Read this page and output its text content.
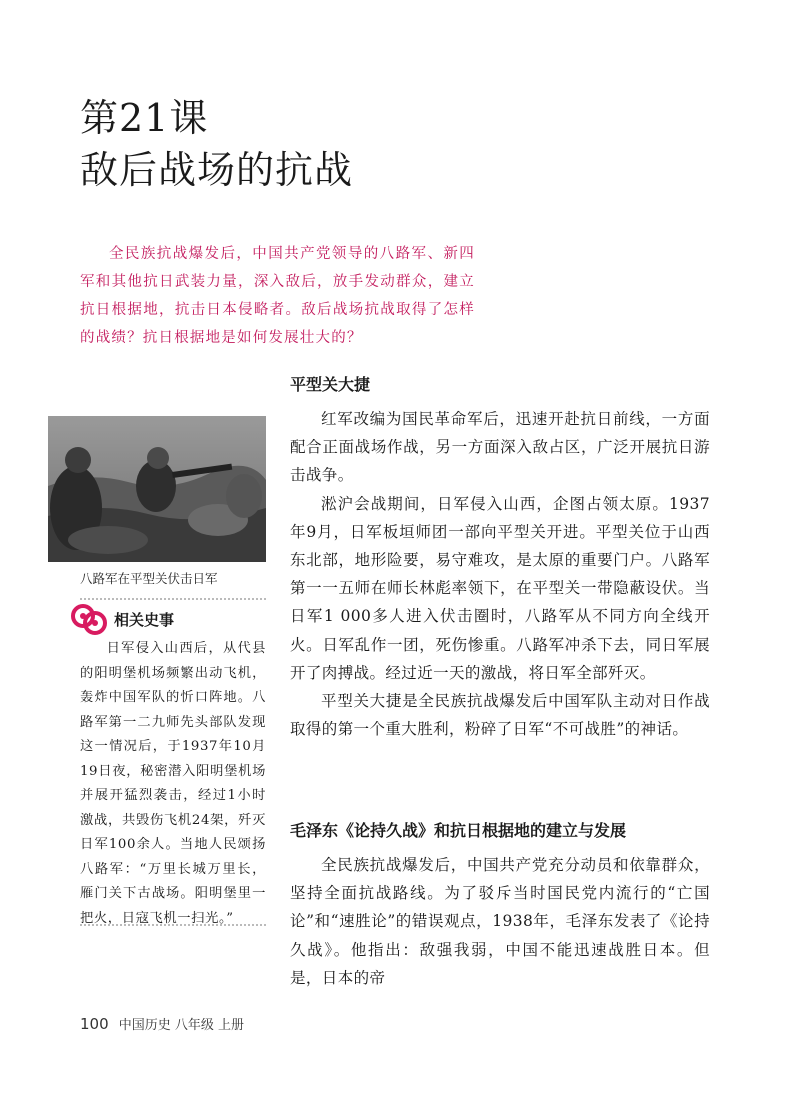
第21课
敌后战场的抗战

全民族抗战爆发后，中国共产党领导的八路军、新四军和其他抗日武装力量，深入敌后，放手发动群众，建立抗日根据地，抗击日本侵略者。敌后战场抗战取得了怎样的战绩？抗日根据地是如何发展壮大的？

八路军在平型关伏击日军
相关史事

日军侵入山西后，从代县的阳明堡机场频繁出动飞机，轰炸中国军队的忻口阵地。八路军第一二九师先头部队发现这一情况后，于1937年10月19日夜，秘密潜入阳明堡机场并展开猛烈袭击，经过1小时激战，共毁伤飞机24架，歼灭日军100余人。当地人民颂扬八路军：“万里长城万里长，雁门关下古战场。阳明堡里一把火，日寇飞机一扫光。”

平型关大捷

红军改编为国民革命军后，迅速开赴抗日前线，一方面配合正面战场作战，另一方面深入敌占区，广泛开展抗日游击战争。

淞沪会战期间，日军侵入山西，企图占领太原。1937年9月，日军板垣师团一部向平型关开进。平型关位于山西东北部，地形险要，易守难攻，是太原的重要门户。八路军第一一五师在师长林彪率领下，在平型关一带隐蔽设伏。当日军1 000多人进入伏击圈时，八路军从不同方向全线开火。日军乱作一团，死伤惨重。八路军冲杀下去，同日军展开了肉搏战。经过近一天的激战，将日军全部歼灭。

平型关大捷是全民族抗战爆发后中国军队主动对日作战取得的第一个重大胜利，粉碎了日军“不可战胜”的神话。

毛泽东《论持久战》和抗日根据地的建立与发展

全民族抗战爆发后，中国共产党充分动员和依靠群众，坚持全面抗战路线。为了驳斥当时国民党内流行的“亡国论”和“速胜论”的错误观点，1938年，毛泽东发表了《论持久战》。他指出：敌强我弱，中国不能迅速战胜日本。但是，日本的帝

100 中国历史 八年级 上册
